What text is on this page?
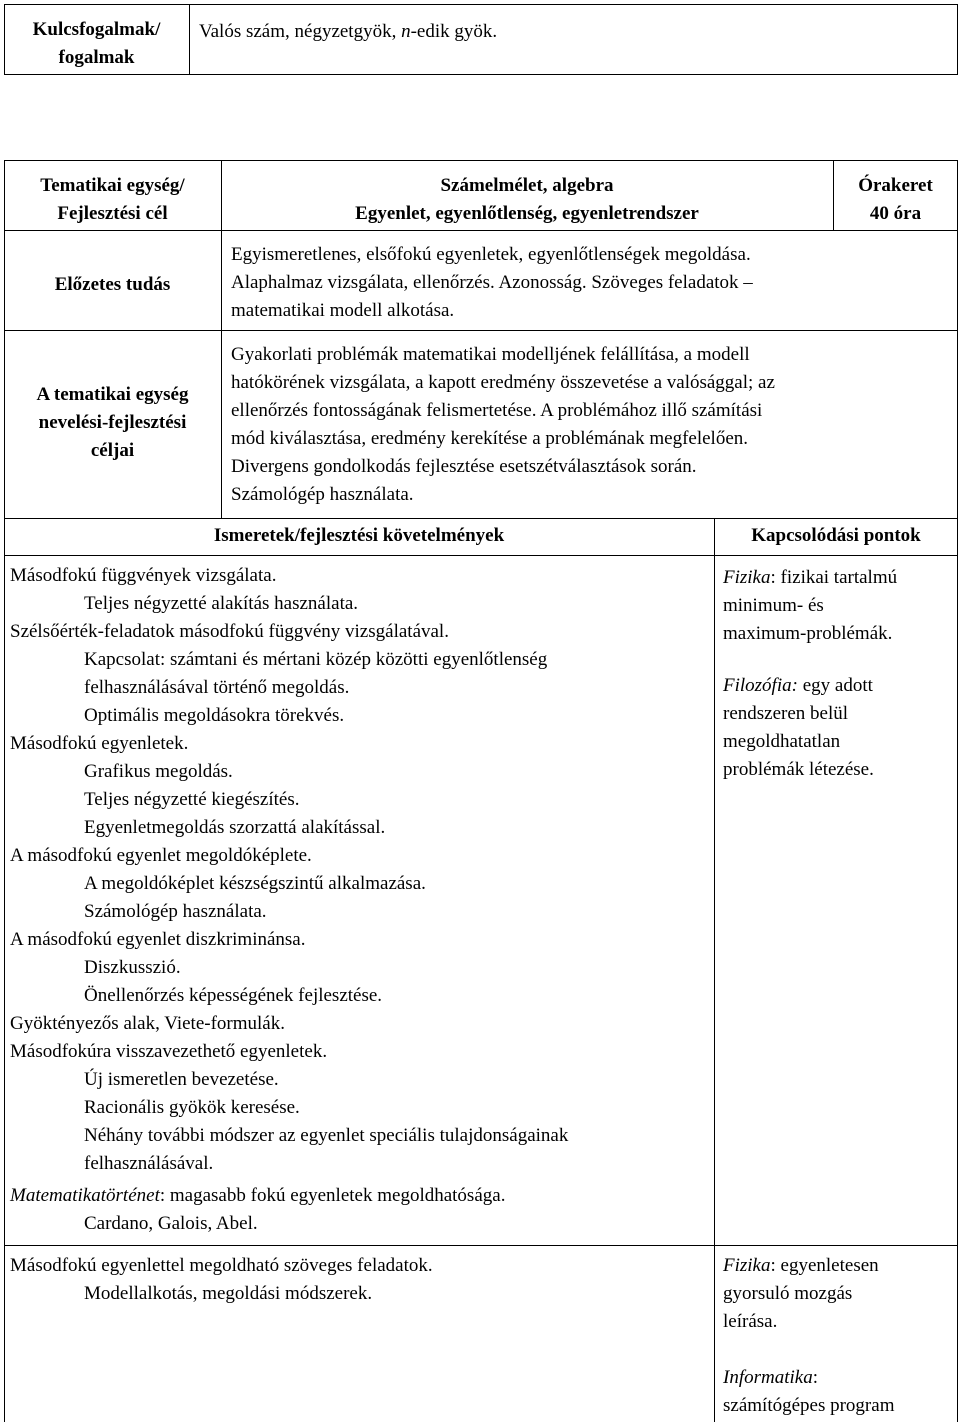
Kulcsfogalmak/
fogalmak
Valós szám, négyzetgyök, n-edik gyök.
Tematikai egység/
Fejlesztési cél
Számelmélet, algebra
Egyenlet, egyenlőtlenség, egyenletrendszer
Órakeret
40 óra
Előzetes tudás
Egyismeretlenes, elsőfokú egyenletek, egyenlőtlenségek megoldása.
Alaphalmaz vizsgálata, ellenőrzés. Azonosság. Szöveges feladatok –
matematikai modell alkotása.
A tematikai egység
nevelési-fejlesztési
céljai
Gyakorlati problémák matematikai modelljének felállítása, a modell
hatókörének vizsgálata, a kapott eredmény összevetése a valósággal; az
ellenőrzés fontosságának felismertetése. A problémához illő számítási
mód kiválasztása, eredmény kerekítése a problémának megfelelően.
Divergens gondolkodás fejlesztése esetszétválasztások során.
Számológép használata.
Ismeretek/fejlesztési követelmények	Kapcsolódási pontok
Másodfokú függvények vizsgálata.
Teljes négyzetté alakítás használata.
Szélsőérték-feladatok másodfokú függvény vizsgálatával.
Kapcsolat: számtani és mértani közép közötti egyenlőtlenség
felhasználásával történő megoldás.
Optimális megoldásokra törekvés.
Másodfokú egyenletek.
Grafikus megoldás.
Teljes négyzetté kiegészítés.
Egyenletmegoldás szorzattá alakítással.
A másodfokú egyenlet megoldóképlete.
A megoldóképlet készségszintű alkalmazása.
Számológép használata.
A másodfokú egyenlet diszkriminánsa.
Diszkusszió.
Önellenőrzés képességének fejlesztése.
Gyöktényezős alak, Viete-formulák.
Másodfokúra visszavezethető egyenletek.
Új ismeretlen bevezetése.
Racionális gyökök keresése.
Néhány további módszer az egyenlet speciális tulajdonságainak
felhasználásával.
Matematikatörténet: magasabb fokú egyenletek megoldhatósága.
Cardano, Galois, Abel.
Fizika: fizikai tartalmú
minimum- és
maximum-problémák.
Filozófia: egy adott
rendszeren belül
megoldhatatlan
problémák létezése.
Másodfokú egyenlettel megoldható szöveges feladatok.
Modellalkotás, megoldási módszerek.
Fizika: egyenletesen
gyorsuló mozgás
leírása.
Informatika:
számítógépes program
